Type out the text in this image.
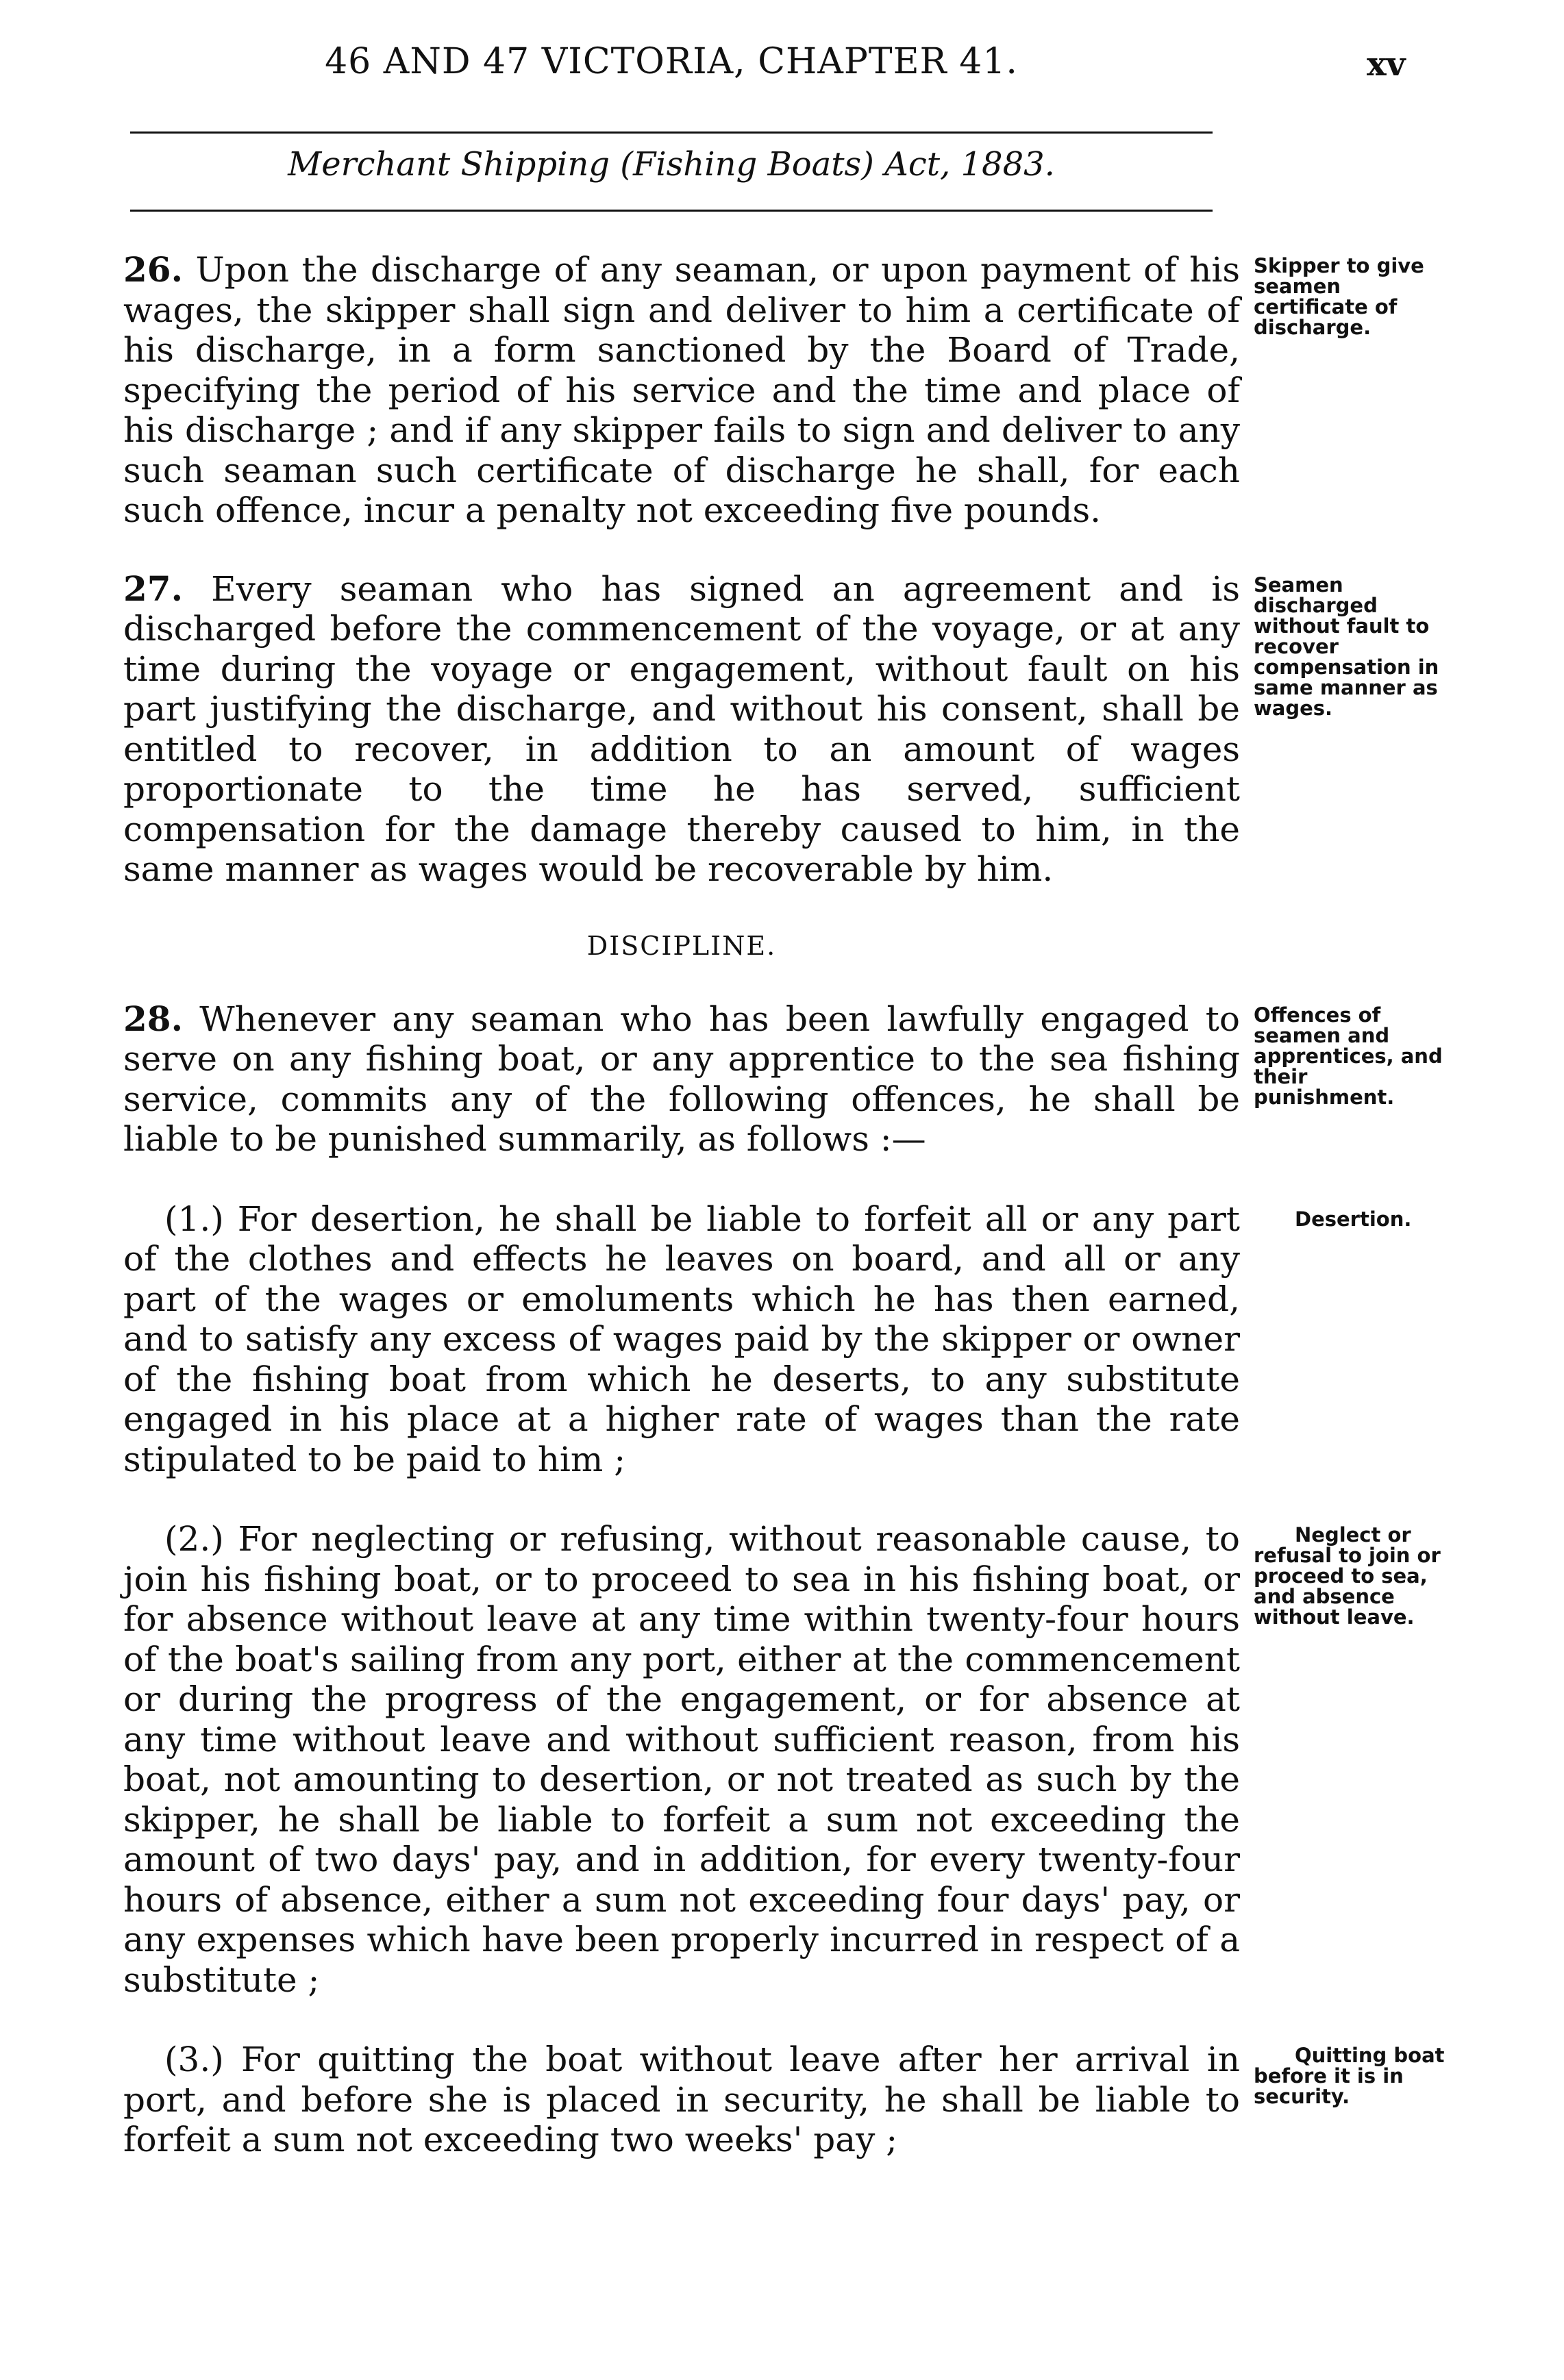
46 AND 47 VICTORIA, CHAPTER 41.	xv
Merchant Shipping (Fishing Boats) Act, 1883.

26. Upon the discharge of any seaman, or upon payment of his wages, the skipper shall sign and deliver to him a certificate of his discharge, in a form sanctioned by the Board of Trade, specifying the period of his service and the time and place of his discharge ; and if any skipper fails to sign and deliver to any such seaman such certificate of discharge he shall, for each such offence, incur a penalty not exceeding five pounds.
Skipper to give seamen certificate of discharge.

27. Every seaman who has signed an agreement and is discharged before the commencement of the voyage, or at any time during the voyage or engagement, without fault on his part justifying the discharge, and without his consent, shall be entitled to recover, in addition to an amount of wages proportionate to the time he has served, sufficient compensation for the damage thereby caused to him, in the same manner as wages would be recoverable by him.
Seamen discharged without fault to recover compensation in same manner as wages.

DISCIPLINE.

28. Whenever any seaman who has been lawfully engaged to serve on any fishing boat, or any apprentice to the sea fishing service, commits any of the following offences, he shall be liable to be punished summarily, as follows :—
Offences of seamen and apprentices, and their punishment.

(1.) For desertion, he shall be liable to forfeit all or any part of the clothes and effects he leaves on board, and all or any part of the wages or emoluments which he has then earned, and to satisfy any excess of wages paid by the skipper or owner of the fishing boat from which he deserts, to any substitute engaged in his place at a higher rate of wages than the rate stipulated to be paid to him ;
Desertion.

(2.) For neglecting or refusing, without reasonable cause, to join his fishing boat, or to proceed to sea in his fishing boat, or for absence without leave at any time within twenty-four hours of the boat's sailing from any port, either at the commencement or during the progress of the engagement, or for absence at any time without leave and without sufficient reason, from his boat, not amounting to desertion, or not treated as such by the skipper, he shall be liable to forfeit a sum not exceeding the amount of two days' pay, and in addition, for every twenty-four hours of absence, either a sum not exceeding four days' pay, or any expenses which have been properly incurred in respect of a substitute ;
Neglect or refusal to join or proceed to sea, and absence without leave.

(3.) For quitting the boat without leave after her arrival in port, and before she is placed in security, he shall be liable to forfeit a sum not exceeding two weeks' pay ;
Quitting boat before it is in security.
